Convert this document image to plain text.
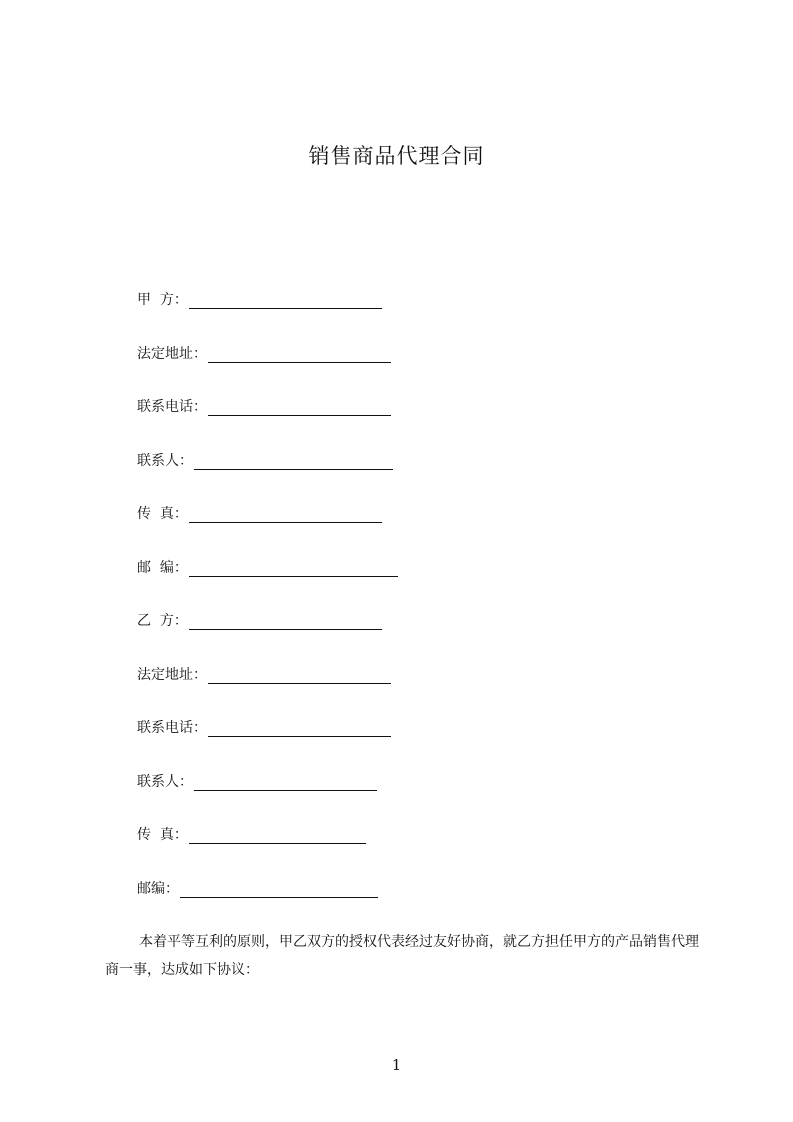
销售商品代理合同
甲  方：
法定地址：
联系电话：
联系人：
传  真：
邮  编：
乙  方：
法定地址：
联系电话：
联系人：
传  真：
邮编：

本着平等互利的原则，甲乙双方的授权代表经过友好协商，就乙方担任甲方的产品销售代理商一事，达成如下协议：

1
